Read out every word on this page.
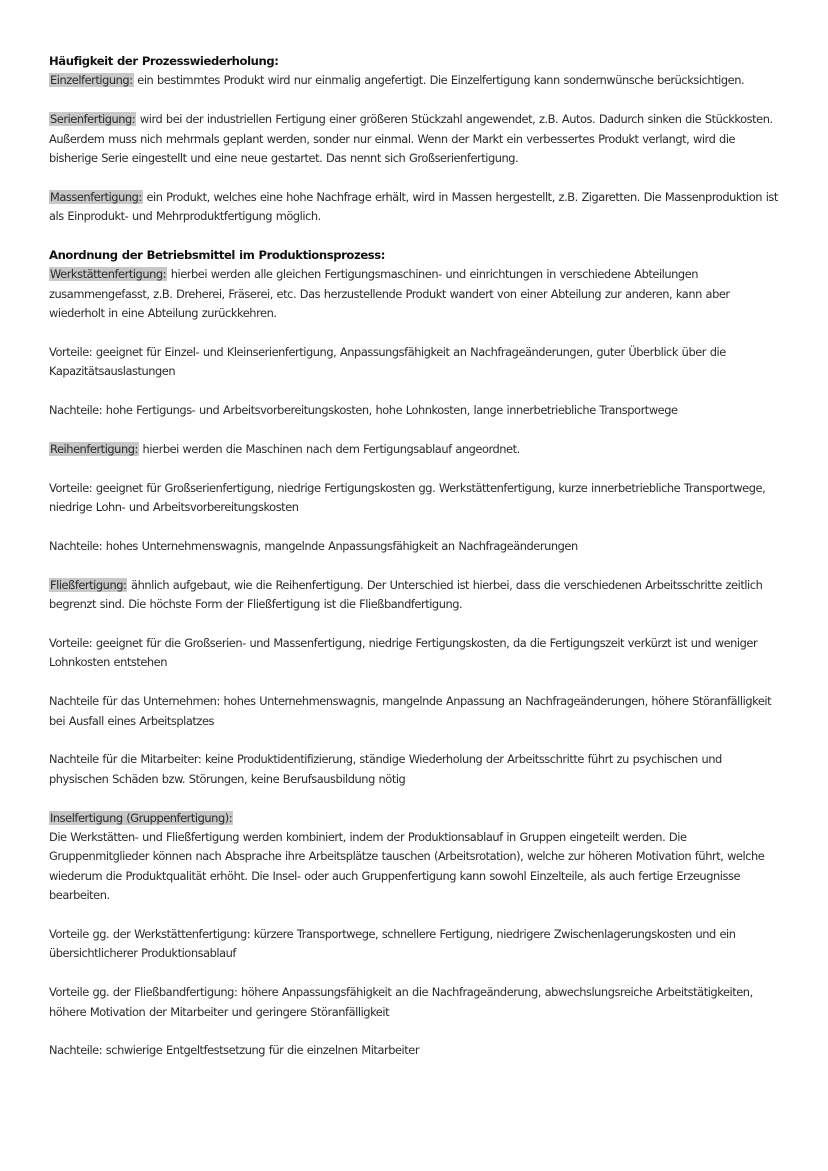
Häufigkeit der Prozesswiederholung:

Einzelfertigung: ein bestimmtes Produkt wird nur einmalig angefertigt. Die Einzelfertigung kann sondernwünsche berücksichtigen.

Serienfertigung: wird bei der industriellen Fertigung einer größeren Stückzahl angewendet, z.B. Autos. Dadurch sinken die Stückkosten. Außerdem muss nich mehrmals geplant werden, sonder nur einmal. Wenn der Markt ein verbessertes Produkt verlangt, wird die bisherige Serie eingestellt und eine neue gestartet. Das nennt sich Großserienfertigung.

Massenfertigung: ein Produkt, welches eine hohe Nachfrage erhält, wird in Massen hergestellt, z.B. Zigaretten. Die Massenproduktion ist als Einprodukt- und Mehrproduktfertigung möglich.

Anordnung der Betriebsmittel im Produktionsprozess:

Werkstättenfertigung: hierbei werden alle gleichen Fertigungsmaschinen- und einrichtungen in verschiedene Abteilungen zusammengefasst, z.B. Dreherei, Fräserei, etc. Das herzustellende Produkt wandert von einer Abteilung zur anderen, kann aber wiederholt in eine Abteilung zurückkehren.

Vorteile: geeignet für Einzel- und Kleinserienfertigung, Anpassungsfähigkeit an Nachfrageänderungen, guter Überblick über die Kapazitätsauslastungen

Nachteile: hohe Fertigungs- und Arbeitsvorbereitungskosten, hohe Lohnkosten, lange innerbetriebliche Transportwege

Reihenfertigung: hierbei werden die Maschinen nach dem Fertigungsablauf angeordnet.

Vorteile: geeignet für Großserienfertigung, niedrige Fertigungskosten gg. Werkstättenfertigung, kurze innerbetriebliche Transportwege, niedrige Lohn- und Arbeitsvorbereitungskosten

Nachteile: hohes Unternehmenswagnis, mangelnde Anpassungsfähigkeit an Nachfrageänderungen

Fließfertigung: ähnlich aufgebaut, wie die Reihenfertigung. Der Unterschied ist hierbei, dass die verschiedenen Arbeitsschritte zeitlich begrenzt sind. Die höchste Form der Fließfertigung ist die Fließbandfertigung.

Vorteile: geeignet für die Großserien- und Massenfertigung, niedrige Fertigungskosten, da die Fertigungszeit verkürzt ist und weniger Lohnkosten entstehen

Nachteile für das Unternehmen: hohes Unternehmenswagnis, mangelnde Anpassung an Nachfrageänderungen, höhere Störanfälligkeit bei Ausfall eines Arbeitsplatzes

Nachteile für die Mitarbeiter: keine Produktidentifizierung, ständige Wiederholung der Arbeitsschritte führt zu psychischen und physischen Schäden bzw. Störungen, keine Berufsausbildung nötig

Inselfertigung (Gruppenfertigung):

Die Werkstätten- und Fließfertigung werden kombiniert, indem der Produktionsablauf in Gruppen eingeteilt werden. Die Gruppenmitglieder können nach Absprache ihre Arbeitsplätze tauschen (Arbeitsrotation), welche zur höheren Motivation führt, welche wiederum die Produktqualität erhöht. Die Insel- oder auch Gruppenfertigung kann sowohl Einzelteile, als auch fertige Erzeugnisse bearbeiten.

Vorteile gg. der Werkstättenfertigung: kürzere Transportwege, schnellere Fertigung, niedrigere Zwischenlagerungskosten und ein übersichtlicherer Produktionsablauf

Vorteile gg. der Fließbandfertigung: höhere Anpassungsfähigkeit an die Nachfrageänderung, abwechslungsreiche Arbeitstätigkeiten, höhere Motivation der Mitarbeiter und geringere Störanfälligkeit

Nachteile: schwierige Entgeltfestsetzung für die einzelnen Mitarbeiter
